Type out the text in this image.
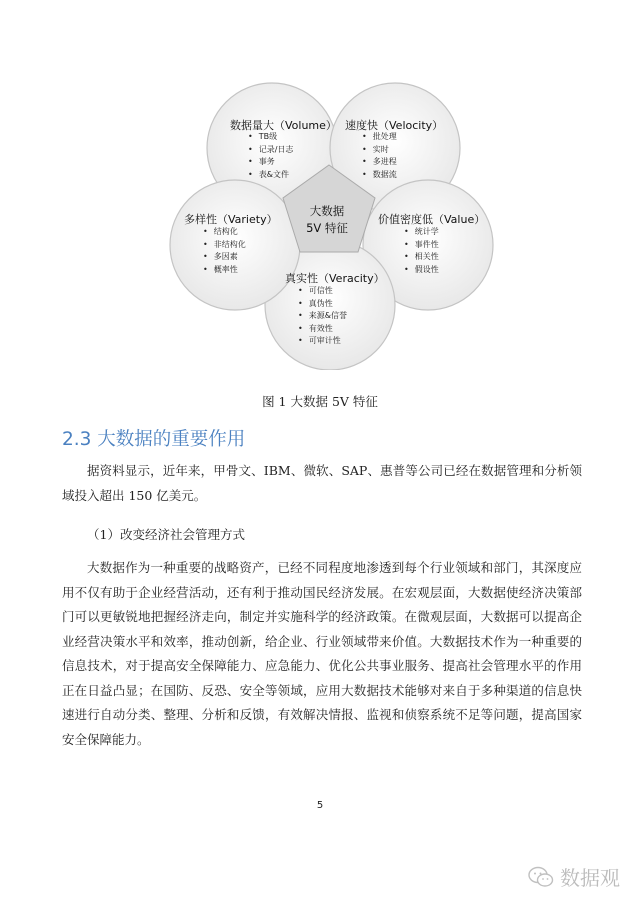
数据量大（Volume）
• TB级
• 记录/日志
• 事务
• 表&文件
速度快（Velocity）
• 批处理
• 实时
• 多进程
• 数据流
价值密度低（Value）
• 统计学
• 事件性
• 相关性
• 假设性
真实性（Veracity）
• 可信性
• 真伪性
• 来源&信誉
• 有效性
• 可审计性
多样性（Variety）
• 结构化
• 非结构化
• 多因素
• 概率性
大数据
5V 特征
图 1 大数据 5V 特征
2.3 大数据的重要作用

据资料显示，近年来，甲骨文、IBM、微软、SAP、惠普等公司已经在数据管理和分析领域投入超出 150 亿美元。

（1）改变经济社会管理方式

大数据作为一种重要的战略资产，已经不同程度地渗透到每个行业领域和部门，其深度应用不仅有助于企业经营活动，还有利于推动国民经济发展。在宏观层面，大数据使经济决策部门可以更敏锐地把握经济走向，制定并实施科学的经济政策。在微观层面，大数据可以提高企业经营决策水平和效率，推动创新，给企业、行业领域带来价值。大数据技术作为一种重要的信息技术，对于提高安全保障能力、应急能力、优化公共事业服务、提高社会管理水平的作用正在日益凸显；在国防、反恐、安全等领域，应用大数据技术能够对来自于多种渠道的信息快速进行自动分类、整理、分析和反馈，有效解决情报、监视和侦察系统不足等问题，提高国家安全保障能力。

5
数据观
